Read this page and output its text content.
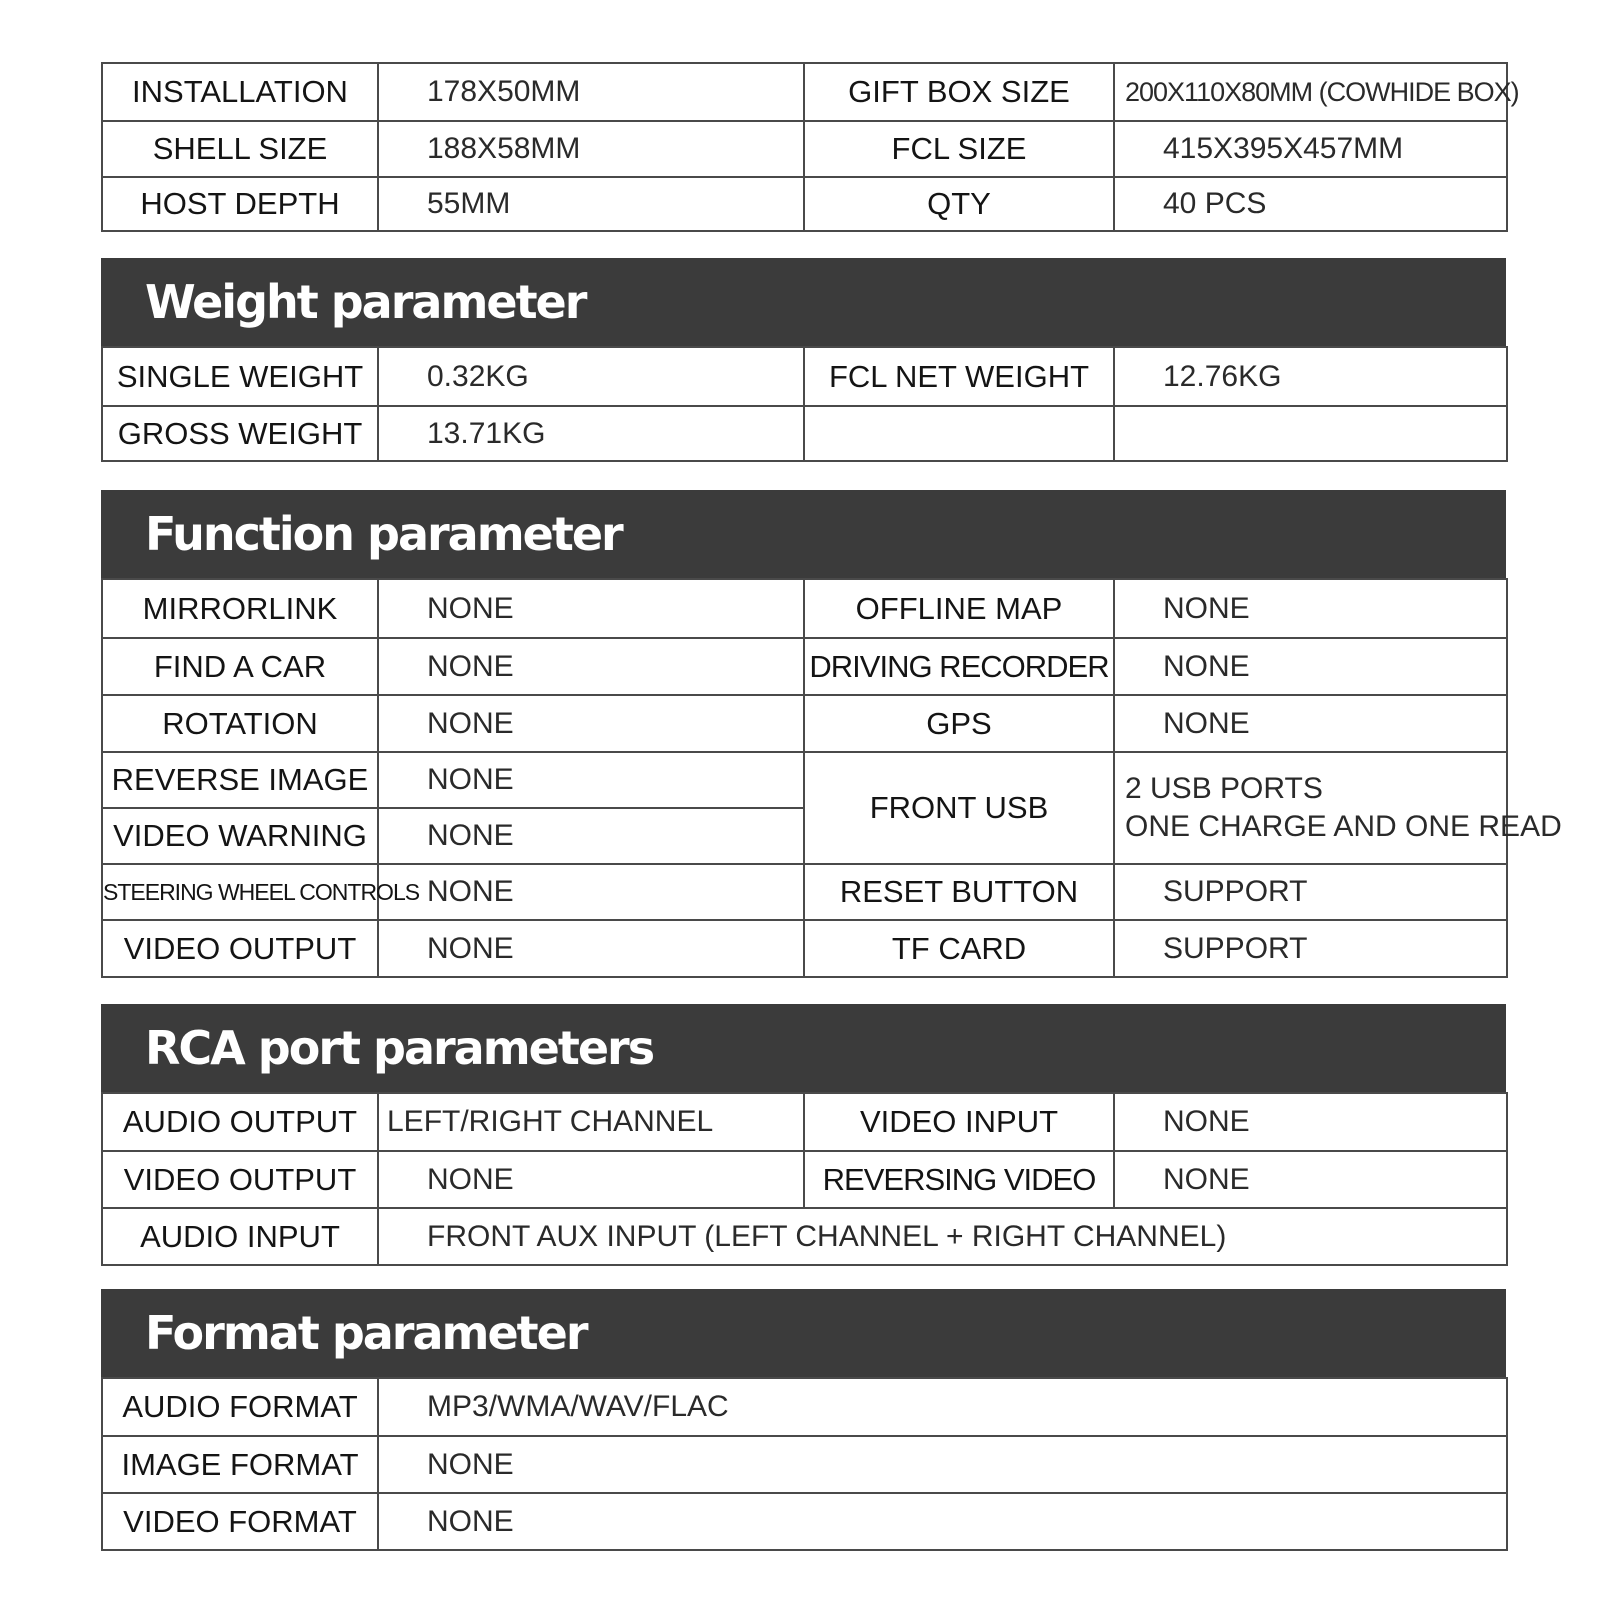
INSTALLATION	178X50MM	GIFT BOX SIZE	200X110X80MM (COWHIDE BOX)
SHELL SIZE	188X58MM	FCL SIZE	415X395X457MM
HOST DEPTH	55MM	QTY	40 PCS
Weight parameter
SINGLE WEIGHT	0.32KG	FCL NET WEIGHT	12.76KG
GROSS WEIGHT	13.71KG		
Function parameter
MIRRORLINK	NONE	OFFLINE MAP	NONE
FIND A CAR	NONE	DRIVING RECORDER	NONE
ROTATION	NONE	GPS	NONE
REVERSE IMAGE	NONE	FRONT USB	2 USB PORTS
ONE CHARGE AND ONE READ

VIDEO WARNING	NONE		
STEERING WHEEL CONTROLS	NONE	RESET BUTTON	SUPPORT
VIDEO OUTPUT	NONE	TF CARD	SUPPORT
RCA port parameters
AUDIO OUTPUT	LEFT/RIGHT CHANNEL	VIDEO INPUT	NONE
VIDEO OUTPUT	NONE	REVERSING VIDEO	NONE
AUDIO INPUT	FRONT AUX INPUT (LEFT CHANNEL + RIGHT CHANNEL)		
Format parameter
AUDIO FORMAT	MP3/WMA/WAV/FLAC
IMAGE FORMAT	NONE
VIDEO FORMAT	NONE
